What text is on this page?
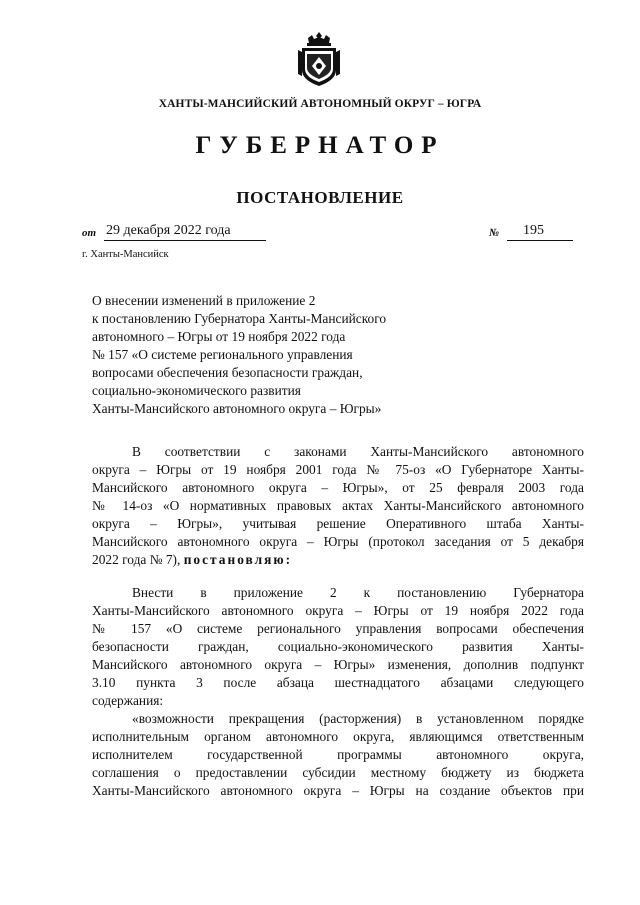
ХАНТЫ-МАНСИЙСКИЙ АВТОНОМНЫЙ ОКРУГ – ЮГРА
ГУБЕРНАТОР
ПОСТАНОВЛЕНИЕ
от 29 декабря 2022 года	№	195
г. Ханты-Мансийск
О внесении изменений в приложение 2
к постановлению Губернатора Ханты-Мансийского
автономного – Югры от 19 ноября 2022 года
№ 157 «О системе регионального управления
вопросами обеспечения безопасности граждан,
социально-экономического развития
Ханты-Мансийского автономного округа – Югры»
В соответствии с законами Ханты-Мансийского автономного
округа – Югры от 19 ноября 2001 года № 75-оз «О Губернаторе Ханты-
Мансийского автономного округа – Югры», от 25 февраля 2003 года
№ 14-оз «О нормативных правовых актах Ханты-Мансийского автономного
округа – Югры», учитывая решение Оперативного штаба Ханты-
Мансийского автономного округа – Югры (протокол заседания от 5 декабря
2022 года № 7), постановляю:
Внести в приложение 2 к постановлению Губернатора
Ханты-Мансийского автономного округа – Югры от 19 ноября 2022 года
№ 157 «О системе регионального управления вопросами обеспечения
безопасности граждан, социально-экономического развития Ханты-
Мансийского автономного округа – Югры» изменения, дополнив подпункт
3.10 пункта 3 после абзаца шестнадцатого абзацами следующего
содержания:
«возможности прекращения (расторжения) в установленном порядке
исполнительным органом автономного округа, являющимся ответственным
исполнителем государственной программы автономного округа,
соглашения о предоставлении субсидии местному бюджету из бюджета
Ханты-Мансийского автономного округа – Югры на создание объектов при
